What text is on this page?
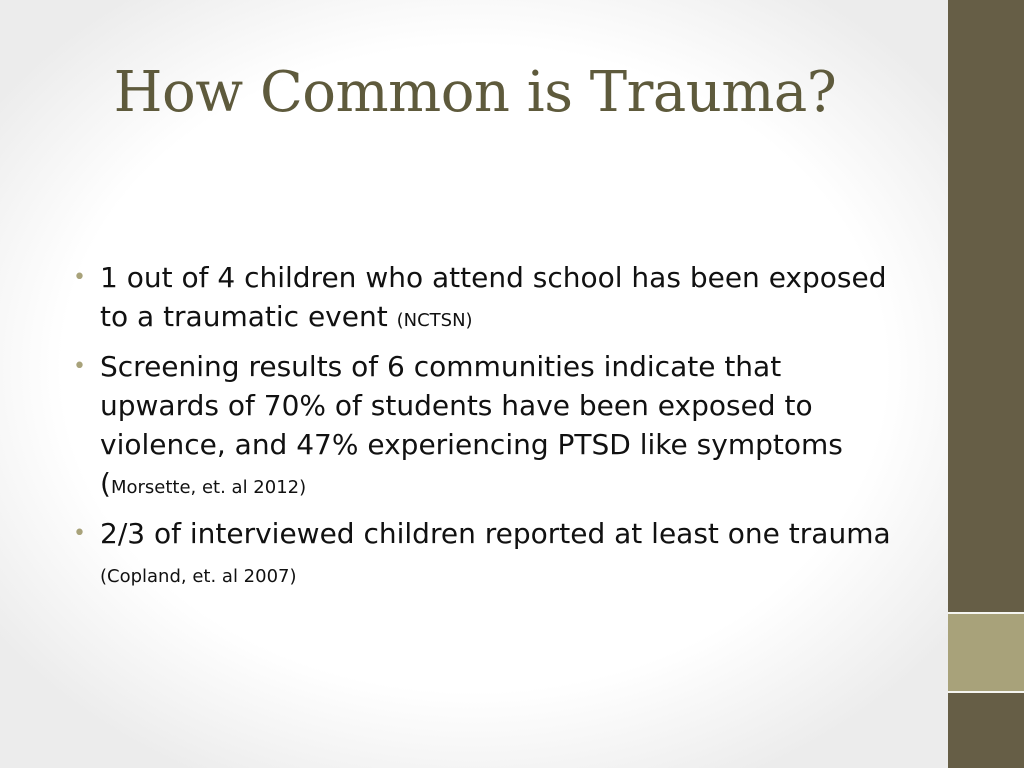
How Common is Trauma?
• 1 out of 4 children who attend school has been exposed to a traumatic event (NCTSN)
• Screening results of 6 communities indicate that upwards of 70% of students have been exposed to violence, and 47% experiencing PTSD like symptoms (Morsette, et. al 2012)
• 2/3 of interviewed children reported at least one trauma (Copland, et. al 2007)
